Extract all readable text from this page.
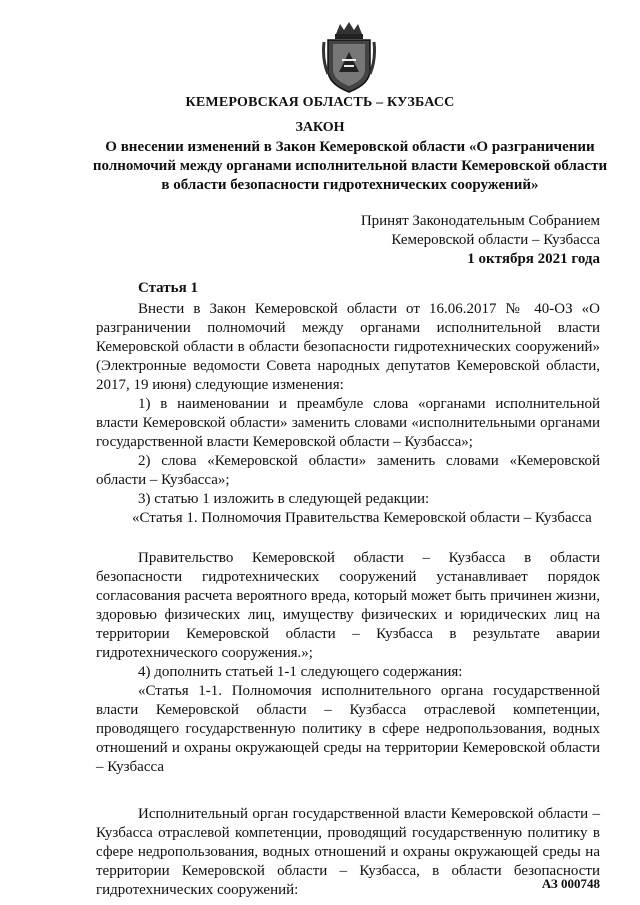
КЕМЕРОВСКАЯ ОБЛАСТЬ – КУЗБАСС
ЗАКОН
О внесении изменений в Закон Кемеровской области «О разграничении полномочий между органами исполнительной власти Кемеровской области в области безопасности гидротехнических сооружений»
Принят Законодательным Собранием
Кемеровской области – Кузбасса
1 октября 2021 года

Статья 1

Внести в Закон Кемеровской области от 16.06.2017 № 40-ОЗ «О разграничении полномочий между органами исполнительной власти Кемеровской области в области безопасности гидротехнических сооружений» (Электронные ведомости Совета народных депутатов Кемеровской области, 2017, 19 июня) следующие изменения:

1) в наименовании и преамбуле слова «органами исполнительной власти Кемеровской области» заменить словами «исполнительными органами государственной власти Кемеровской области – Кузбасса»;

2) слова «Кемеровской области» заменить словами «Кемеровской области – Кузбасса»;

3) статью 1 изложить в следующей редакции:

«Статья 1. Полномочия Правительства Кемеровской области – Кузбасса

Правительство Кемеровской области – Кузбасса в области безопасности гидротехнических сооружений устанавливает порядок согласования расчета вероятного вреда, который может быть причинен жизни, здоровью физических лиц, имуществу физических и юридических лиц на территории Кемеровской области – Кузбасса в результате аварии гидротехнического сооружения.»;

4) дополнить статьей 1-1 следующего содержания:

«Статья 1-1. Полномочия исполнительного органа государственной власти Кемеровской области – Кузбасса отраслевой компетенции, проводящего государственную политику в сфере недропользования, водных отношений и охраны окружающей среды на территории Кемеровской области – Кузбасса

Исполнительный орган государственной власти Кемеровской области – Кузбасса отраслевой компетенции, проводящий государственную политику в сфере недропользования, водных отношений и охраны окружающей среды на территории Кемеровской области – Кузбасса, в области безопасности гидротехнических сооружений:	АЗ 000748
